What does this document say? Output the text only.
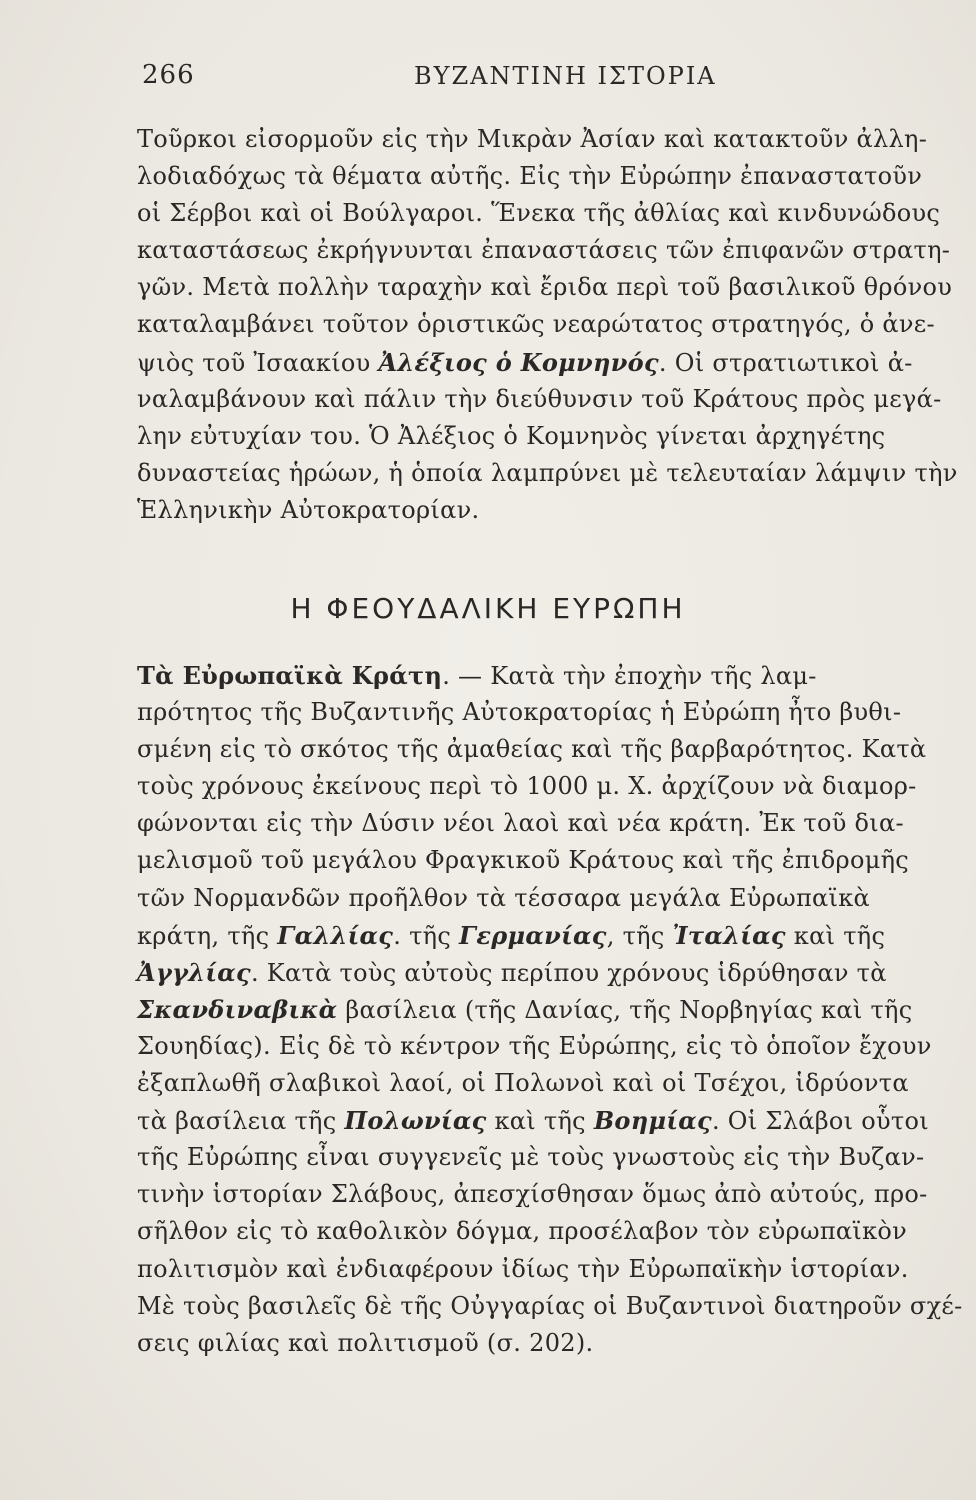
266	ΒΥΖΑΝΤΙΝΗ ΙΣΤΟΡΙΑ
Τοῦρκοι εἰσορμοῦν εἰς τὴν Μικρὰν Ἀσίαν καὶ κατακτοῦν ἀλλη-
λοδιαδόχως τὰ θέματα αὐτῆς. Εἰς τὴν Εὐρώπην ἐπαναστατοῦν
οἱ Σέρβοι καὶ οἱ Βούλγαροι. Ἕνεκα τῆς ἀθλίας καὶ κινδυνώδους
καταστάσεως ἐκρήγνυνται ἐπαναστάσεις τῶν ἐπιφανῶν στρατη-
γῶν. Μετὰ πολλὴν ταραχὴν καὶ ἔριδα περὶ τοῦ βασιλικοῦ θρόνου
καταλαμβάνει τοῦτον ὁριστικῶς νεαρώτατος στρατηγός, ὁ ἀνε-
ψιὸς τοῦ Ἰσαακίου Ἀλέξιος ὁ Κομνηνός. Οἱ στρατιωτικοὶ ἀ-
ναλαμβάνουν καὶ πάλιν τὴν διεύθυνσιν τοῦ Κράτους πρὸς μεγά-
λην εὐτυχίαν του. Ὁ Ἀλέξιος ὁ Κομνηνὸς γίνεται ἀρχηγέτης
δυναστείας ἡρώων, ἡ ὁποία λαμπρύνει μὲ τελευταίαν λάμψιν τὴν
Ἑλληνικὴν Αὐτοκρατορίαν.
Η ΦΕΟΥΔΑΛΙΚΗ ΕΥΡΩΠΗ
Τὰ Εὐρωπαϊκὰ Κράτη. — Κατὰ τὴν ἐποχὴν τῆς λαμ-
πρότητος τῆς Βυζαντινῆς Αὐτοκρατορίας ἡ Εὐρώπη ἦτο βυθι-
σμένη εἰς τὸ σκότος τῆς ἀμαθείας καὶ τῆς βαρβαρότητος. Κατὰ
τοὺς χρόνους ἐκείνους περὶ τὸ 1000 μ. Χ. ἀρχίζουν νὰ διαμορ-
φώνονται εἰς τὴν Δύσιν νέοι λαοὶ καὶ νέα κράτη. Ἐκ τοῦ δια-
μελισμοῦ τοῦ μεγάλου Φραγκικοῦ Κράτους καὶ τῆς ἐπιδρομῆς
τῶν Νορμανδῶν προῆλθον τὰ τέσσαρα μεγάλα Εὐρωπαϊκὰ
κράτη, τῆς Γαλλίας. τῆς Γερμανίας, τῆς Ἰταλίας καὶ τῆς
Ἀγγλίας. Κατὰ τοὺς αὐτοὺς περίπου χρόνους ἱδρύθησαν τὰ
Σκανδιναβικὰ βασίλεια (τῆς Δανίας, τῆς Νορβηγίας καὶ τῆς
Σουηδίας). Εἰς δὲ τὸ κέντρον τῆς Εὐρώπης, εἰς τὸ ὁποῖον ἔχουν
ἐξαπλωθῆ σλαβικοὶ λαοί, οἱ Πολωνοὶ καὶ οἱ Τσέχοι, ἱδρύοντα
τὰ βασίλεια τῆς Πολωνίας καὶ τῆς Βοημίας. Οἱ Σλάβοι οὗτοι
τῆς Εὐρώπης εἶναι συγγενεῖς μὲ τοὺς γνωστοὺς εἰς τὴν Βυζαν-
τινὴν ἱστορίαν Σλάβους, ἀπεσχίσθησαν ὅμως ἀπὸ αὐτούς, προ-
σῆλθον εἰς τὸ καθολικὸν δόγμα, προσέλαβον τὸν εὐρωπαϊκὸν
πολιτισμὸν καὶ ἐνδιαφέρουν ἰδίως τὴν Εὐρωπαϊκὴν ἱστορίαν.
Μὲ τοὺς βασιλεῖς δὲ τῆς Οὐγγαρίας οἱ Βυζαντινοὶ διατηροῦν σχέ-
σεις φιλίας καὶ πολιτισμοῦ (σ. 202).
